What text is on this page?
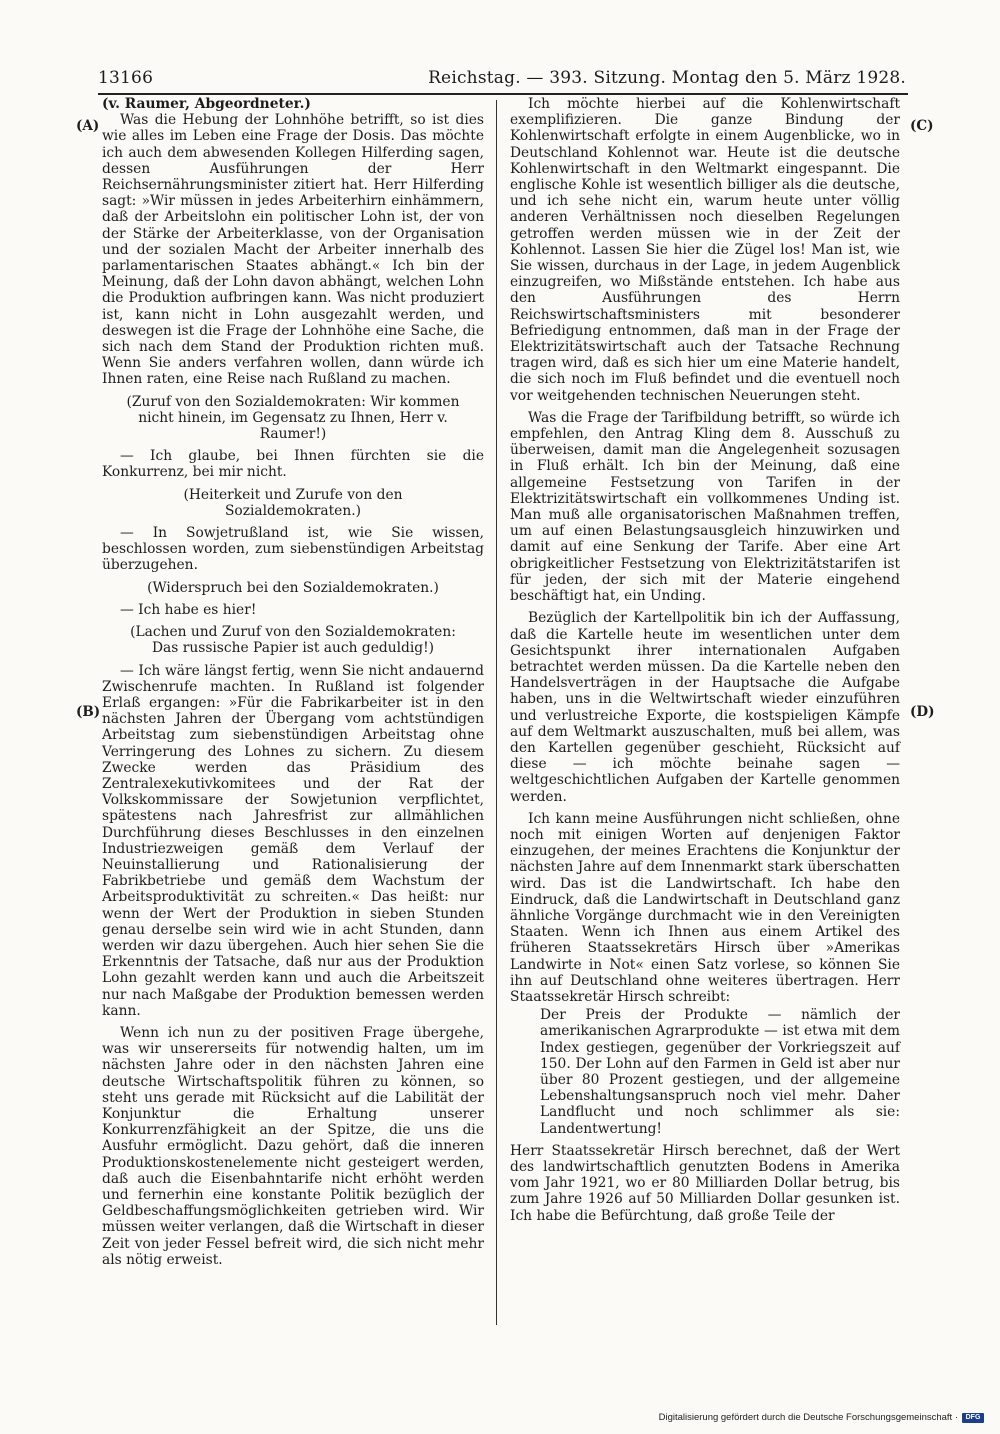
13166	Reichstag. — 393. Sitzung. Montag den 5. März 1928.
(A)
(B)
(C)
(D)

(v. Raumer, Abgeordneter.)

Was die Hebung der Lohnhöhe betrifft, so ist dies wie alles im Leben eine Frage der Dosis. Das möchte ich auch dem abwesenden Kollegen Hilferding sagen, dessen Ausführungen der Herr Reichsernährungsminister zitiert hat. Herr Hilferding sagt: »Wir müssen in jedes Arbeiterhirn einhämmern, daß der Arbeitslohn ein politischer Lohn ist, der von der Stärke der Arbeiterklasse, von der Organisation und der sozialen Macht der Arbeiter innerhalb des parlamentarischen Staates abhängt.« Ich bin der Meinung, daß der Lohn davon abhängt, welchen Lohn die Produktion aufbringen kann. Was nicht produziert ist, kann nicht in Lohn ausgezahlt werden, und deswegen ist die Frage der Lohnhöhe eine Sache, die sich nach dem Stand der Produktion richten muß. Wenn Sie anders verfahren wollen, dann würde ich Ihnen raten, eine Reise nach Rußland zu machen.

(Zuruf von den Sozialdemokraten: Wir kommen nicht hinein, im Gegensatz zu Ihnen, Herr v. Raumer!)

— Ich glaube, bei Ihnen fürchten sie die Konkurrenz, bei mir nicht.

(Heiterkeit und Zurufe von den Sozialdemokraten.)

— In Sowjetrußland ist, wie Sie wissen, beschlossen worden, zum siebenstündigen Arbeitstag überzugehen.

(Widerspruch bei den Sozialdemokraten.)

— Ich habe es hier!

(Lachen und Zuruf von den Sozialdemokraten: Das russische Papier ist auch geduldig!)

— Ich wäre längst fertig, wenn Sie nicht andauernd Zwischenrufe machten. In Rußland ist folgender Erlaß ergangen: »Für die Fabrikarbeiter ist in den nächsten Jahren der Übergang vom achtstündigen Arbeitstag zum siebenstündigen Arbeitstag ohne Verringerung des Lohnes zu sichern. Zu diesem Zwecke werden das Präsidium des Zentralexekutivkomitees und der Rat der Volkskommissare der Sowjetunion verpflichtet, spätestens nach Jahresfrist zur allmählichen Durchführung dieses Beschlusses in den einzelnen Industriezweigen gemäß dem Verlauf der Neuinstallierung und Rationalisierung der Fabrikbetriebe und gemäß dem Wachstum der Arbeitsproduktivität zu schreiten.« Das heißt: nur wenn der Wert der Produktion in sieben Stunden genau derselbe sein wird wie in acht Stunden, dann werden wir dazu übergehen. Auch hier sehen Sie die Erkenntnis der Tatsache, daß nur aus der Produktion Lohn gezahlt werden kann und auch die Arbeitszeit nur nach Maßgabe der Produktion bemessen werden kann.

Wenn ich nun zu der positiven Frage übergehe, was wir unsererseits für notwendig halten, um im nächsten Jahre oder in den nächsten Jahren eine deutsche Wirtschaftspolitik führen zu können, so steht uns gerade mit Rücksicht auf die Labilität der Konjunktur die Erhaltung unserer Konkurrenzfähigkeit an der Spitze, die uns die Ausfuhr ermöglicht. Dazu gehört, daß die inneren Produktionskostenelemente nicht gesteigert werden, daß auch die Eisenbahntarife nicht erhöht werden und fernerhin eine konstante Politik bezüglich der Geldbeschaffungsmöglichkeiten getrieben wird. Wir müssen weiter verlangen, daß die Wirtschaft in dieser Zeit von jeder Fessel befreit wird, die sich nicht mehr als nötig erweist.

Ich möchte hierbei auf die Kohlenwirtschaft exemplifizieren. Die ganze Bindung der Kohlenwirtschaft erfolgte in einem Augenblicke, wo in Deutschland Kohlennot war. Heute ist die deutsche Kohlenwirtschaft in den Weltmarkt eingespannt. Die englische Kohle ist wesentlich billiger als die deutsche, und ich sehe nicht ein, warum heute unter völlig anderen Verhältnissen noch dieselben Regelungen getroffen werden müssen wie in der Zeit der Kohlennot. Lassen Sie hier die Zügel los! Man ist, wie Sie wissen, durchaus in der Lage, in jedem Augenblick einzugreifen, wo Mißstände entstehen. Ich habe aus den Ausführungen des Herrn Reichswirtschaftsministers mit besonderer Befriedigung entnommen, daß man in der Frage der Elektrizitätswirtschaft auch der Tatsache Rechnung tragen wird, daß es sich hier um eine Materie handelt, die sich noch im Fluß befindet und die eventuell noch vor weitgehenden technischen Neuerungen steht.

Was die Frage der Tarifbildung betrifft, so würde ich empfehlen, den Antrag Kling dem 8. Ausschuß zu überweisen, damit man die Angelegenheit sozusagen in Fluß erhält. Ich bin der Meinung, daß eine allgemeine Festsetzung von Tarifen in der Elektrizitätswirtschaft ein vollkommenes Unding ist. Man muß alle organisatorischen Maßnahmen treffen, um auf einen Belastungsausgleich hinzuwirken und damit auf eine Senkung der Tarife. Aber eine Art obrigkeitlicher Festsetzung von Elektrizitätstarifen ist für jeden, der sich mit der Materie eingehend beschäftigt hat, ein Unding.

Bezüglich der Kartellpolitik bin ich der Auffassung, daß die Kartelle heute im wesentlichen unter dem Gesichtspunkt ihrer internationalen Aufgaben betrachtet werden müssen. Da die Kartelle neben den Handelsverträgen in der Hauptsache die Aufgabe haben, uns in die Weltwirtschaft wieder einzuführen und verlustreiche Exporte, die kostspieligen Kämpfe auf dem Weltmarkt auszuschalten, muß bei allem, was den Kartellen gegenüber geschieht, Rücksicht auf diese — ich möchte beinahe sagen — weltgeschichtlichen Aufgaben der Kartelle genommen werden.

Ich kann meine Ausführungen nicht schließen, ohne noch mit einigen Worten auf denjenigen Faktor einzugehen, der meines Erachtens die Konjunktur der nächsten Jahre auf dem Innenmarkt stark überschatten wird. Das ist die Landwirtschaft. Ich habe den Eindruck, daß die Landwirtschaft in Deutschland ganz ähnliche Vorgänge durchmacht wie in den Vereinigten Staaten. Wenn ich Ihnen aus einem Artikel des früheren Staatssekretärs Hirsch über »Amerikas Landwirte in Not« einen Satz vorlese, so können Sie ihn auf Deutschland ohne weiteres übertragen. Herr Staatssekretär Hirsch schreibt:

Der Preis der Produkte — nämlich der amerikanischen Agrarprodukte — ist etwa mit dem Index gestiegen, gegenüber der Vorkriegszeit auf 150. Der Lohn auf den Farmen in Geld ist aber nur über 80 Prozent gestiegen, und der allgemeine Lebenshaltungsanspruch noch viel mehr. Daher Landflucht und noch schlimmer als sie: Landentwertung!

Herr Staatssekretär Hirsch berechnet, daß der Wert des landwirtschaftlich genutzten Bodens in Amerika vom Jahr 1921, wo er 80 Milliarden Dollar betrug, bis zum Jahre 1926 auf 50 Milliarden Dollar gesunken ist. Ich habe die Befürchtung, daß große Teile der

Digitalisierung gefördert durch die Deutsche Forschungsgemeinschaft ·	DFG
